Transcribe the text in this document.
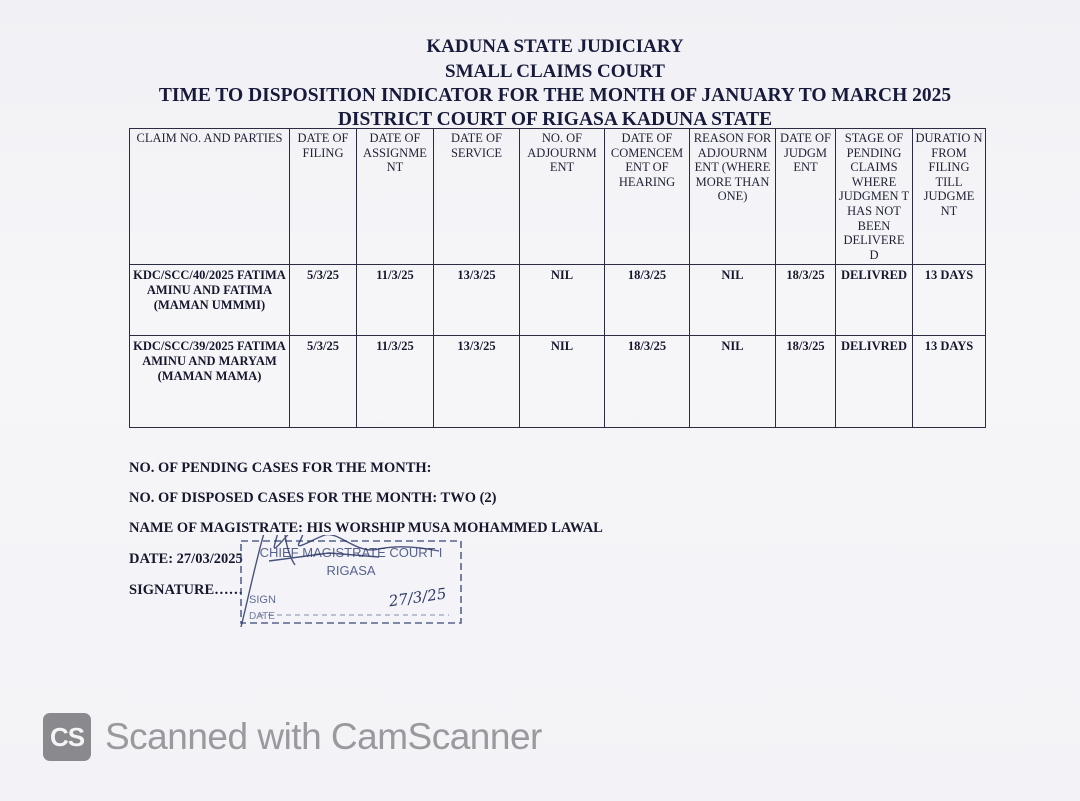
KADUNA STATE JUDICIARY
SMALL CLAIMS COURT
TIME TO DISPOSITION INDICATOR FOR THE MONTH OF JANUARY TO MARCH 2025
DISTRICT COURT OF RIGASA KADUNA STATE
CLAIM NO. AND PARTIES	DATE OF FILING	DATE OF ASSIGNME NT	DATE OF SERVICE	NO. OF ADJOURNM ENT	DATE OF COMENCEM ENT OF HEARING	REASON FOR ADJOURNM ENT (WHERE MORE THAN ONE)	DATE OF JUDGM ENT	STAGE OF PENDING CLAIMS WHERE JUDGMEN T HAS NOT BEEN DELIVERE D	DURATIO N FROM FILING TILL JUDGME NT
KDC/SCC/40/2025 FATIMA AMINU AND FATIMA (MAMAN UMMMI)	5/3/25	11/3/25	13/3/25	NIL	18/3/25	NIL	18/3/25	DELIVRED	13 DAYS
KDC/SCC/39/2025 FATIMA AMINU AND MARYAM (MAMAN MAMA)	5/3/25	11/3/25	13/3/25	NIL	18/3/25	NIL	18/3/25	DELIVRED	13 DAYS

NO. OF PENDING CASES FOR THE MONTH:

NO. OF DISPOSED CASES FOR THE MONTH: TWO (2)

NAME OF MAGISTRATE: HIS WORSHIP MUSA MOHAMMED LAWAL

DATE: 27/03/2025

SIGNATURE……

CHIEF MAGISTRATE COURT I
RIGASA
SIGN
DATE
27/3/25
CS Scanned with CamScanner
